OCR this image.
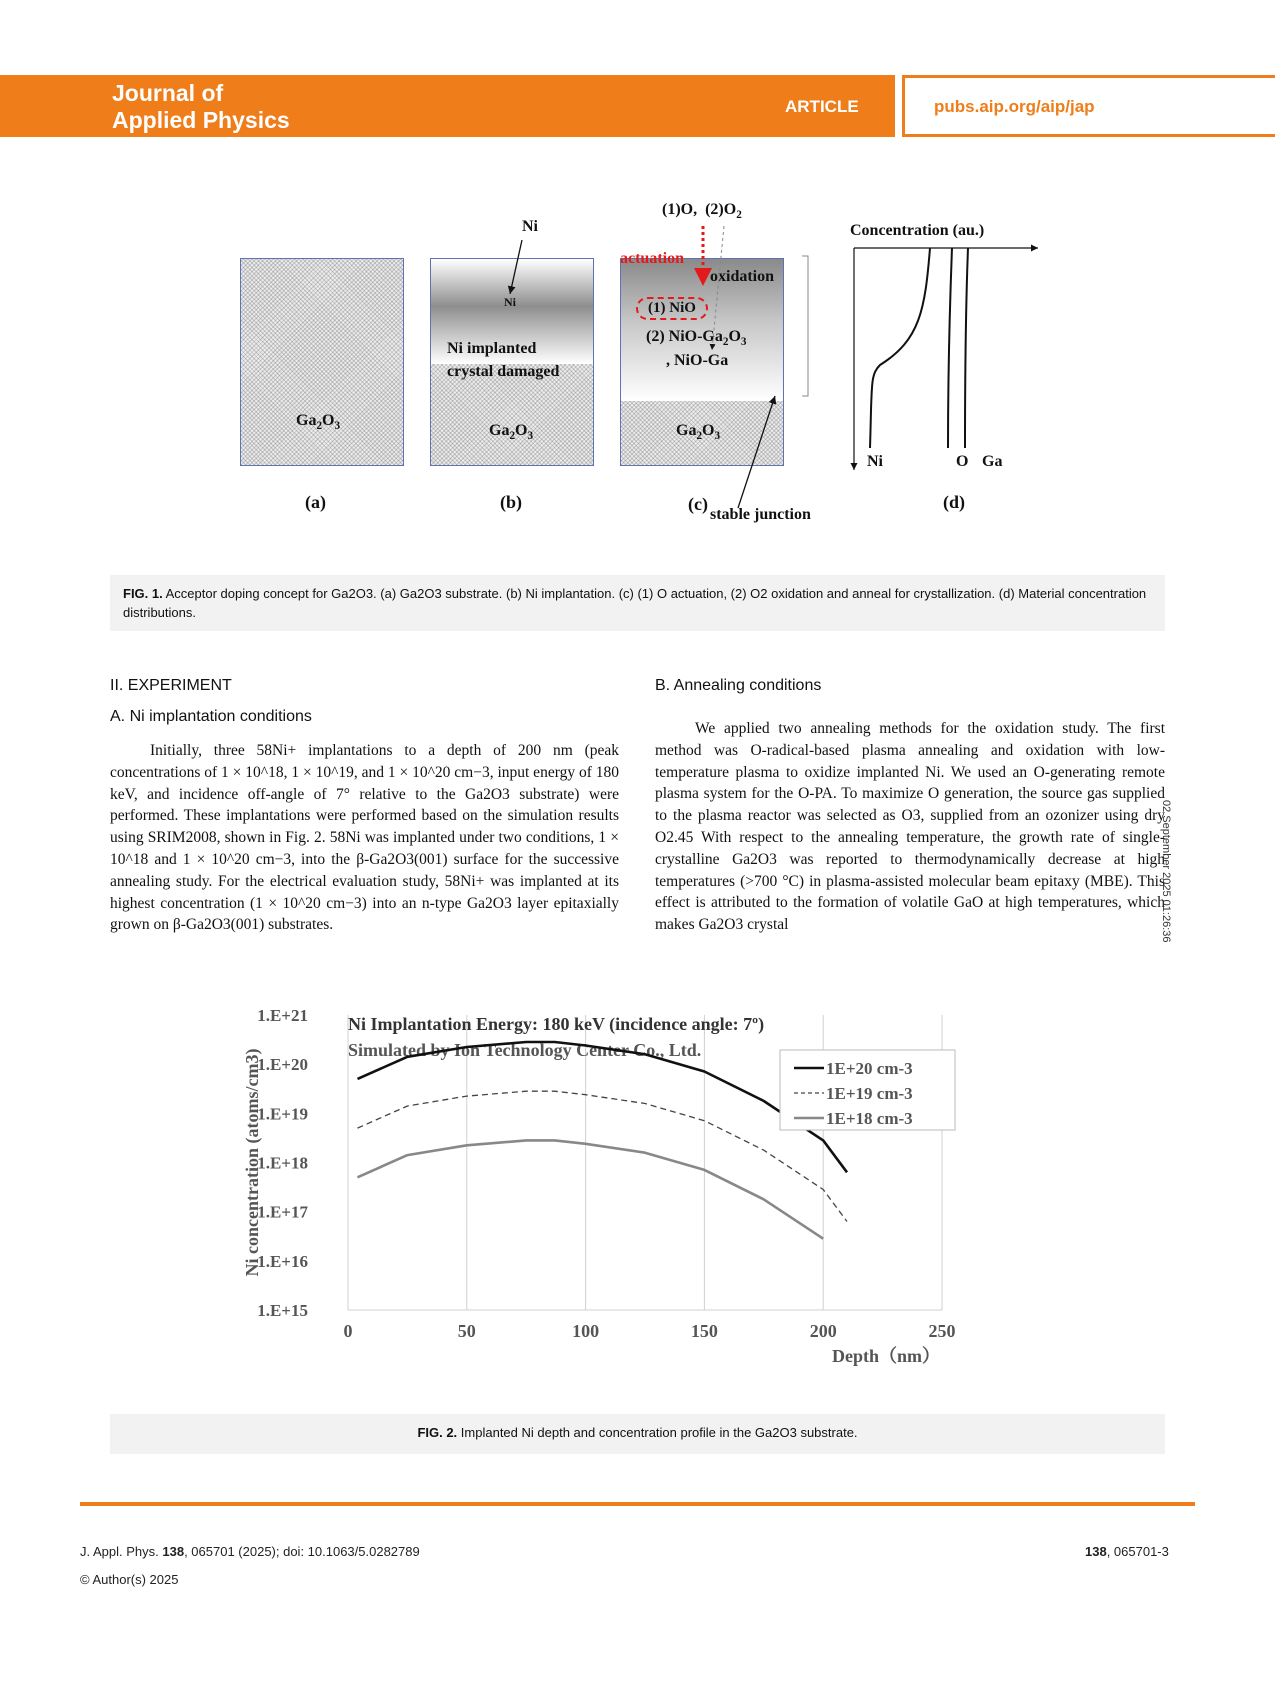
Journal of
Applied Physics
ARTICLE	pubs.aip.org/aip/jap
$Ga_2O_3$
(a)
Ni
Ni
Ni implanted
crystal damaged
$Ga_2O_3$
(b)
(1)O,  $(2)O_2$
actuation
oxidation
(1) NiO
(2) NiO-$Ga_2O_3$
, NiO-Ga
$Ga_2O_3$
stable junction
(c)
Concentration (au.)
Ni	O Ga
(d)
FIG. 1. Acceptor doping concept for Ga2O3. (a) Ga2O3 substrate. (b) Ni implantation. (c) (1) O actuation, (2) O2 oxidation and anneal for crystallization. (d) Material concentration distributions.
II. EXPERIMENT
A. Ni implantation conditions
B. Annealing conditions
Initially, three 58Ni+ implantations to a depth of 200 nm (peak concentrations of 1 × 10^18, 1 × 10^19, and 1 × 10^20 cm−3, input energy of 180 keV, and incidence off-angle of 7° relative to the Ga2O3 substrate) were performed. These implantations were performed based on the simulation results using SRIM2008, shown in Fig. 2. 58Ni was implanted under two conditions, 1 × 10^18 and 1 × 10^20 cm−3, into the β-Ga2O3(001) surface for the successive annealing study. For the electrical evaluation study, 58Ni+ was implanted at its highest concentration (1 × 10^20 cm−3) into an n-type Ga2O3 layer epitaxially grown on β-Ga2O3(001) substrates.
We applied two annealing methods for the oxidation study. The first method was O-radical-based plasma annealing and oxidation with low-temperature plasma to oxidize implanted Ni. We used an O-generating remote plasma system for the O-PA. To maximize O generation, the source gas supplied to the plasma reactor was selected as O3, supplied from an ozonizer using dry O2.45 With respect to the annealing temperature, the growth rate of single-crystalline Ga2O3 was reported to thermodynamically decrease at high temperatures (>700 °C) in plasma-assisted molecular beam epitaxy (MBE). This effect is attributed to the formation of volatile GaO at high temperatures, which makes Ga2O3 crystal	02 September 2025 01:26:36
0	50	100	150	200	250
1.E+15
1.E+16
1.E+17
1.E+18
1.E+19
1.E+20
1.E+21
Ni concentration (atoms/cm3)
Depth（nm）
Ni Implantation Energy: 180 keV (incidence angle: 7º)
Simulated by Ion Technology Center Co., Ltd.
1E+20 cm-3
1E+19 cm-3
1E+18 cm-3
FIG. 2. Implanted Ni depth and concentration profile in the Ga2O3 substrate.
J. Appl. Phys. 138, 065701 (2025); doi: 10.1063/5.0282789
© Author(s) 2025
138, 065701-3
